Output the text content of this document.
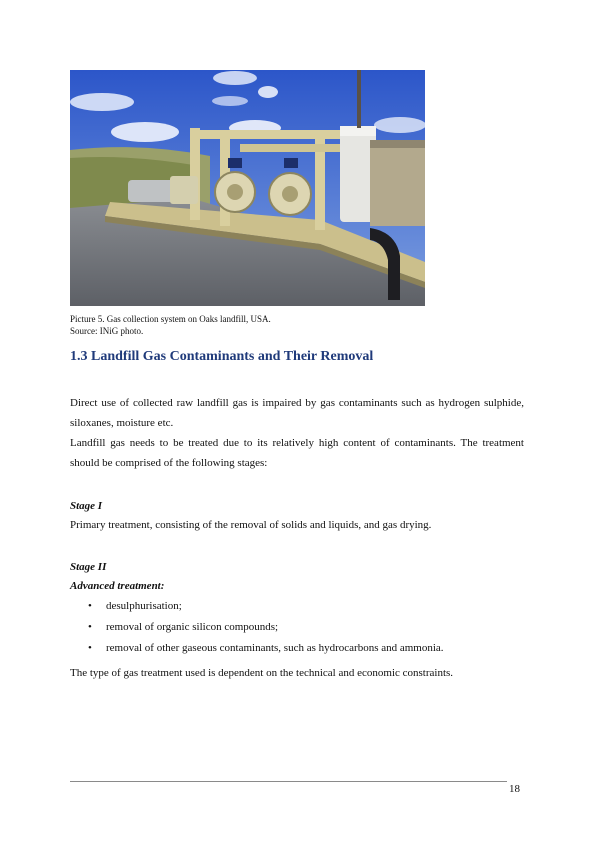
Picture 5. Gas collection system on Oaks landfill, USA.
Source: INiG photo.
1.3 Landfill Gas Contaminants and Their Removal

Direct use of collected raw landfill gas is impaired by gas contaminants such as hydrogen sulphide, siloxanes, moisture etc.

Landfill gas needs to be treated due to its relatively high content of contaminants. The treatment should be comprised of the following stages:

Stage I

Primary treatment, consisting of the removal of solids and liquids, and gas drying.

Stage II

Advanced treatment:

• desulphurisation;
• removal of organic silicon compounds;
• removal of other gaseous contaminants, such as hydrocarbons and ammonia.

The type of gas treatment used is dependent on the technical and economic constraints.

18
